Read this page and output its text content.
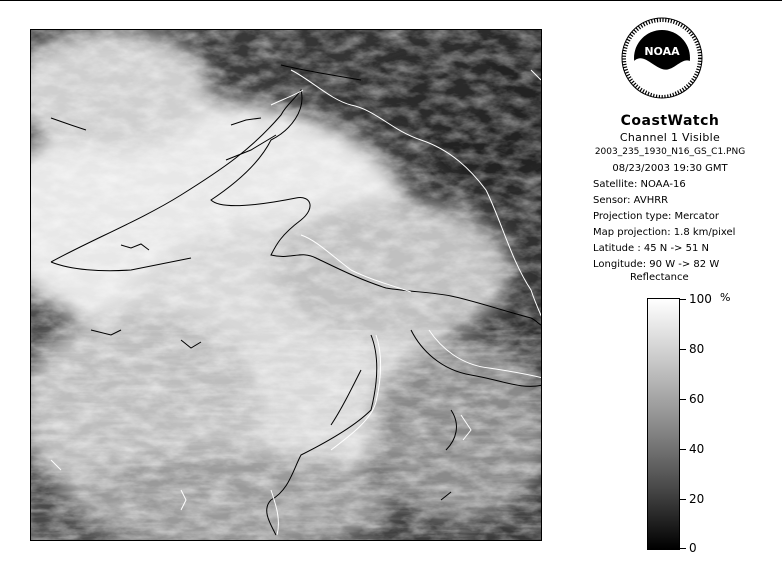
NOAA
CoastWatch
Channel 1 Visible
2003_235_1930_N16_GS_C1.PNG
08/23/2003 19:30 GMT
Satellite: NOAA-16
Sensor: AVHRR
Projection type: Mercator
Map projection: 1.8 km/pixel
Latitude : 45 N -> 51 N
Longitude: 90 W -> 82 W
Reflectance
%
100
80
60
40
20
0
